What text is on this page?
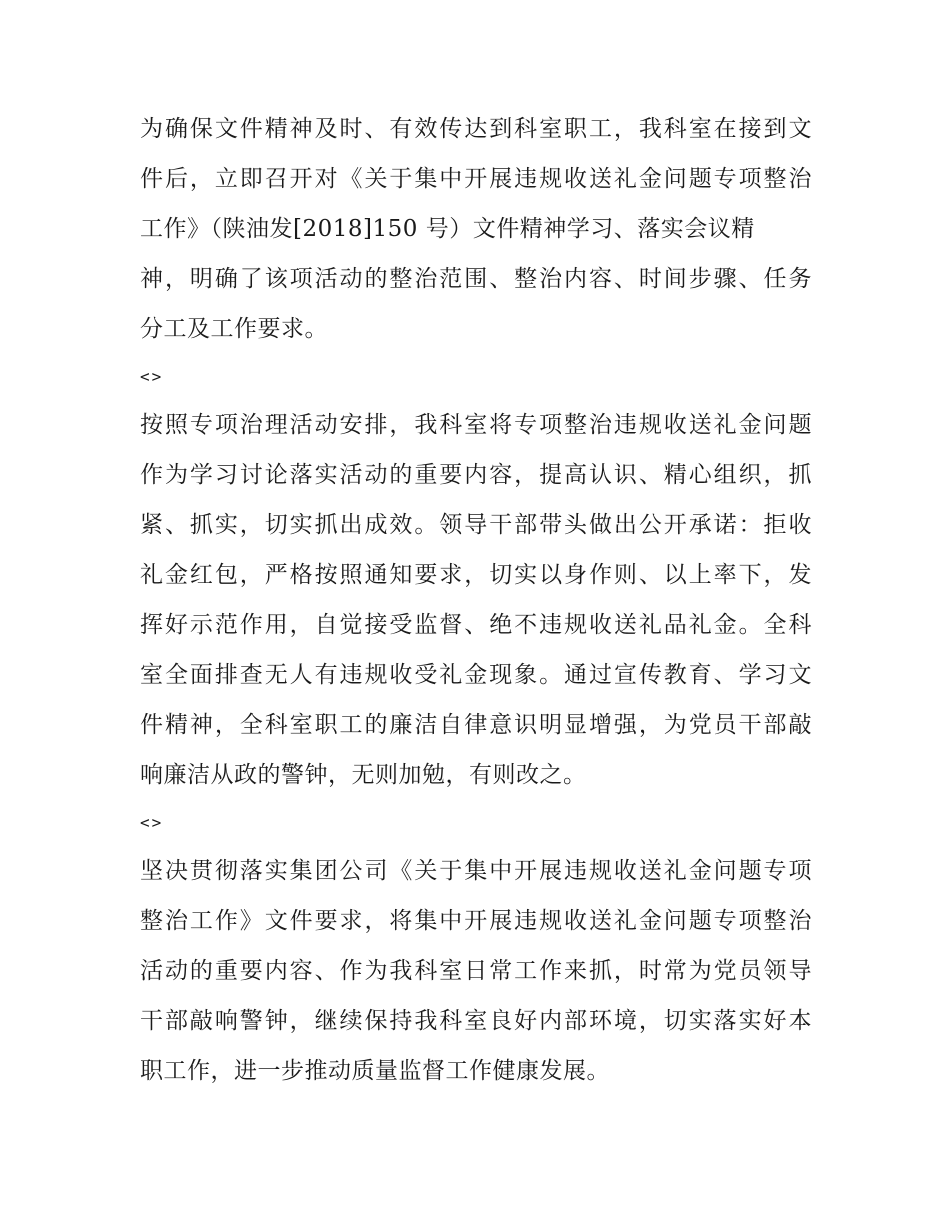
为确保文件精神及时、有效传达到科室职工，我科室在接到文
件后，立即召开对《关于集中开展违规收送礼金问题专项整治
工作》（陕油发[2018]150 号）文件精神学习、落实会议精
神，明确了该项活动的整治范围、整治内容、时间步骤、任务
分工及工作要求。
<>
按照专项治理活动安排，我科室将专项整治违规收送礼金问题
作为学习讨论落实活动的重要内容，提高认识、精心组织，抓
紧、抓实，切实抓出成效。领导干部带头做出公开承诺：拒收
礼金红包，严格按照通知要求，切实以身作则、以上率下，发
挥好示范作用，自觉接受监督、绝不违规收送礼品礼金。全科
室全面排查无人有违规收受礼金现象。通过宣传教育、学习文
件精神，全科室职工的廉洁自律意识明显增强，为党员干部敲
响廉洁从政的警钟，无则加勉，有则改之。
<>
坚决贯彻落实集团公司《关于集中开展违规收送礼金问题专项
整治工作》文件要求，将集中开展违规收送礼金问题专项整治
活动的重要内容、作为我科室日常工作来抓，时常为党员领导
干部敲响警钟，继续保持我科室良好内部环境，切实落实好本
职工作，进一步推动质量监督工作健康发展。
